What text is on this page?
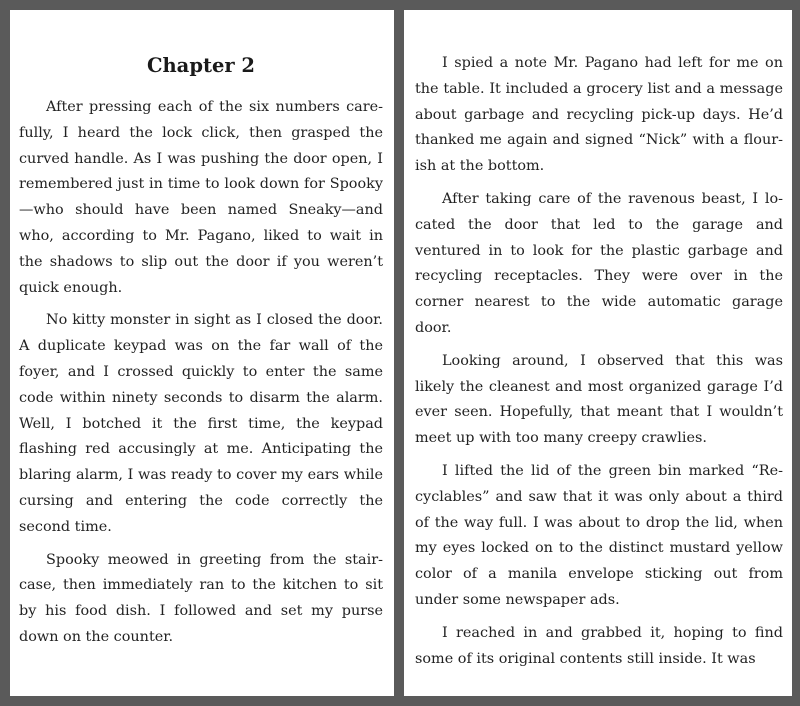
Chapter 2

After pressing each of the six numbers carefully, I heard the lock click, then grasped the curved handle. As I was pushing the door open, I remembered just in time to look down for Spooky —who should have been named Sneaky—and who, according to Mr. Pagano, liked to wait in the shadows to slip out the door if you weren’t quick enough.

No kitty monster in sight as I closed the door. A duplicate keypad was on the far wall of the foyer, and I crossed quickly to enter the same code within ninety seconds to disarm the alarm. Well, I botched it the first time, the keypad flashing red accusingly at me. Anticipating the blaring alarm, I was ready to cover my ears while cursing and entering the code correctly the second time.

Spooky meowed in greeting from the staircase, then immediately ran to the kitchen to sit by his food dish. I followed and set my purse down on the counter.

I spied a note Mr. Pagano had left for me on the table. It included a grocery list and a message about garbage and recycling pick-up days. He’d thanked me again and signed “Nick” with a flourish at the bottom.

After taking care of the ravenous beast, I located the door that led to the garage and ventured in to look for the plastic garbage and recycling receptacles. They were over in the corner nearest to the wide automatic garage door.

Looking around, I observed that this was likely the cleanest and most organized garage I’d ever seen. Hopefully, that meant that I wouldn’t meet up with too many creepy crawlies.

I lifted the lid of the green bin marked “Recyclables” and saw that it was only about a third of the way full. I was about to drop the lid, when my eyes locked on to the distinct mustard yellow color of a manila envelope sticking out from under some newspaper ads.

I reached in and grabbed it, hoping to find some of its original contents still inside. It was
